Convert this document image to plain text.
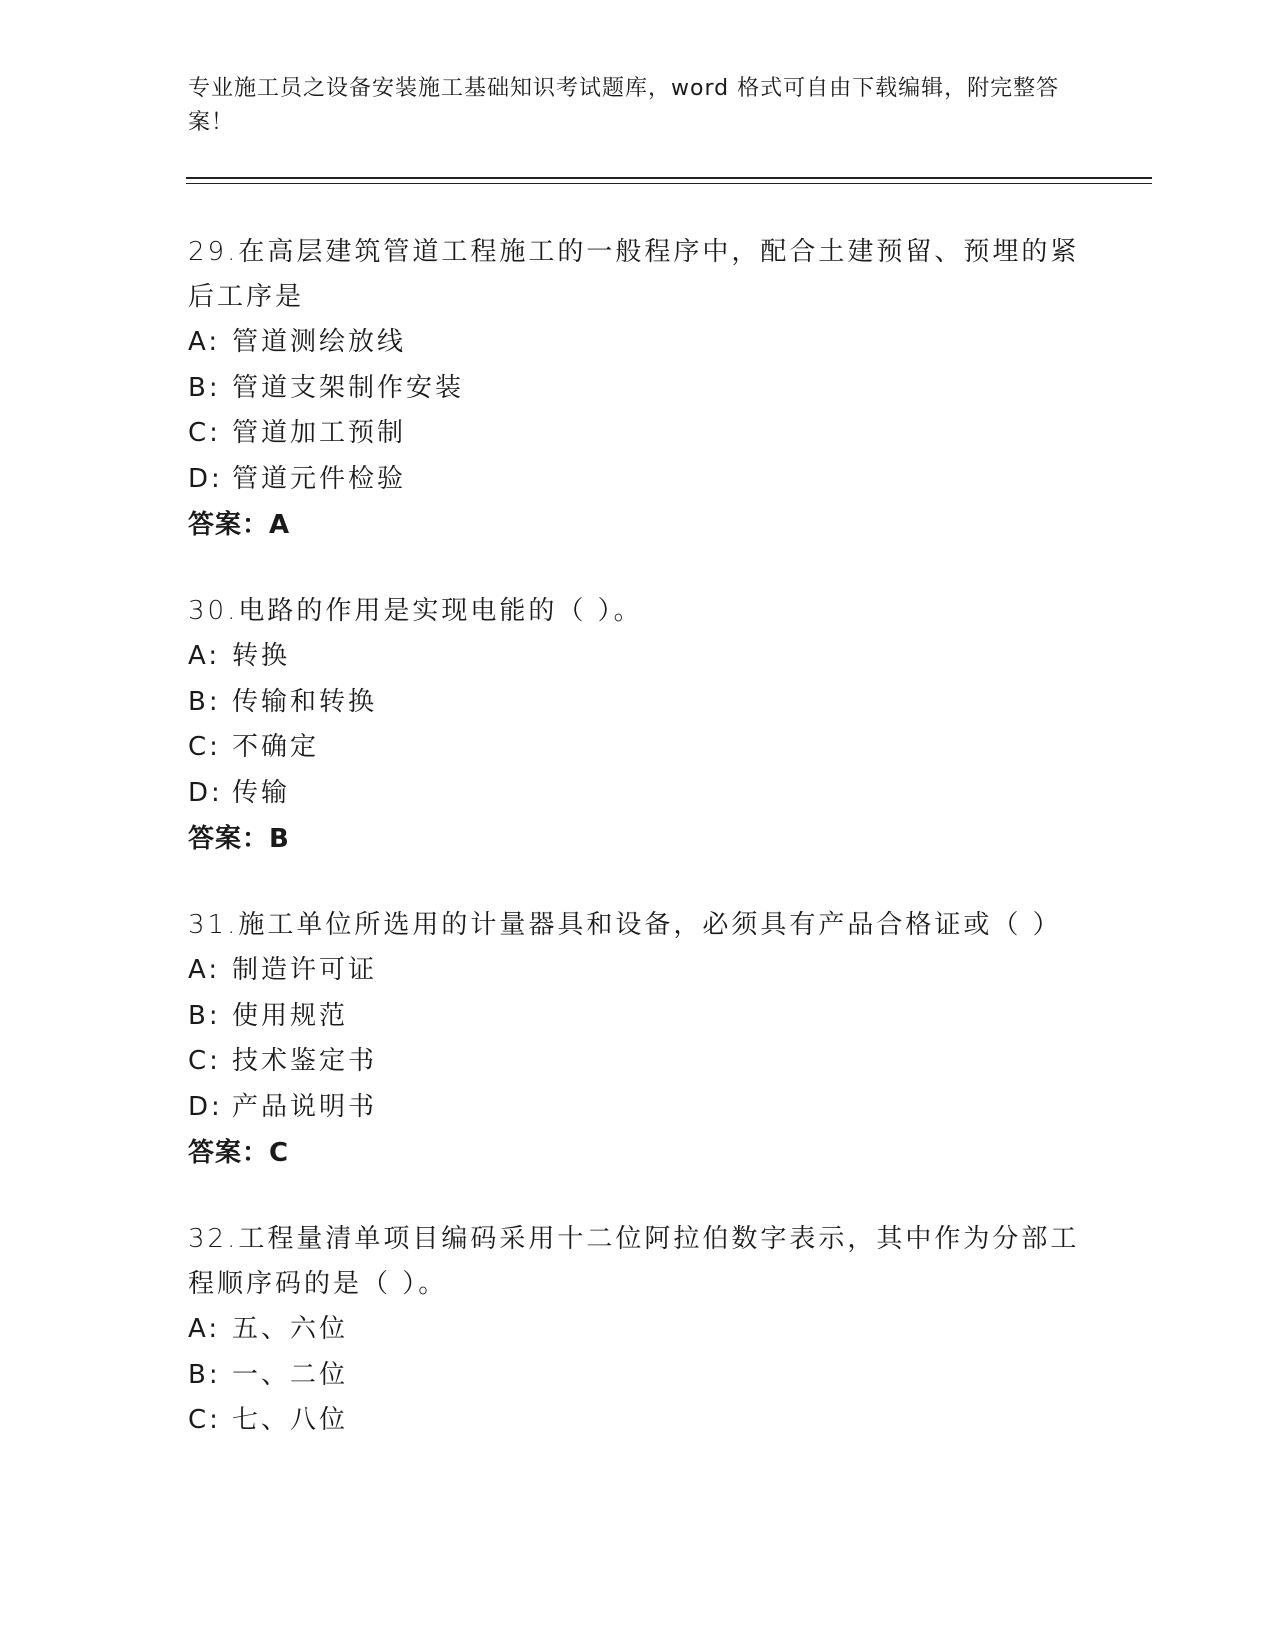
专业施工员之设备安装施工基础知识考试题库，word 格式可自由下载编辑，附完整答案！
29.在高层建筑管道工程施工的一般程序中，配合土建预留、预埋的紧后工序是
A: 管道测绘放线
B: 管道支架制作安装
C: 管道加工预制
D: 管道元件检验
答案：A
30.电路的作用是实现电能的（ ）。
A: 转换
B: 传输和转换
C: 不确定
D: 传输
答案：B
31.施工单位所选用的计量器具和设备，必须具有产品合格证或（ ）
A: 制造许可证
B: 使用规范
C: 技术鉴定书
D: 产品说明书
答案：C
32.工程量清单项目编码采用十二位阿拉伯数字表示，其中作为分部工程顺序码的是（ ）。
A: 五、六位
B: 一、二位
C: 七、八位
